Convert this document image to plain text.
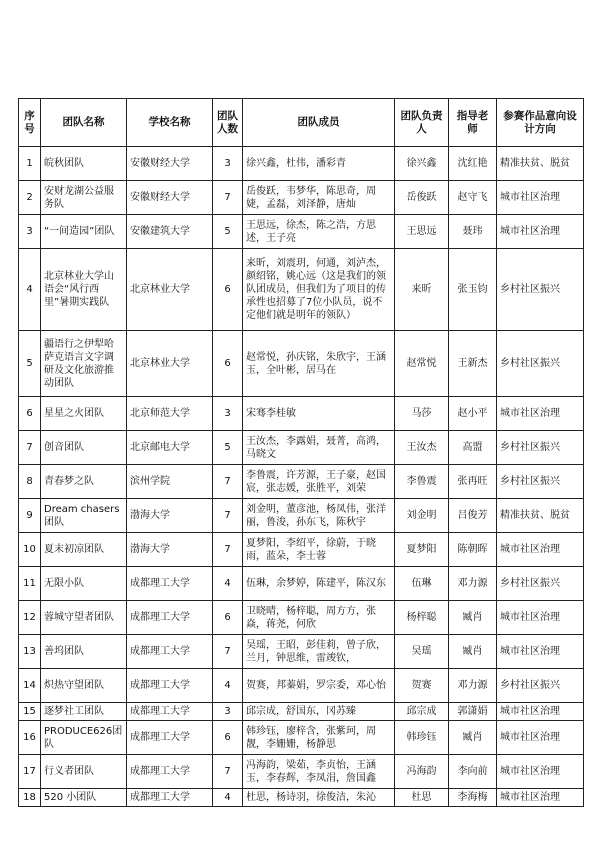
序号	团队名称	学校名称	团队人数	团队成员	团队负责人	指导老师	参赛作品意向设计方向
1	皖秋团队	安徽财经大学	3	徐兴鑫，杜伟，潘彩青	徐兴鑫	沈红艳	精准扶贫、脱贫
2	安财龙湖公益服务队	安徽财经大学	7	岳俊跃，韦梦华，陈思奇，周婕，孟磊，刘泽静，唐灿	岳俊跃	赵守飞	城市社区治理
3	“一间造园”团队	安徽建筑大学	5	王思远，徐杰，陈之浩，方思述，王子亮	王思远	聂玮	城市社区治理
4	北京林业大学山语会“风行西里”暑期实践队	北京林业大学	6	来昕，刘震玥，何通，刘泸杰，颜绍铭，姚心远（这是我们的领队团成员，但我们为了项目的传承性也招募了7位小队员，说不定他们就是明年的领队）	来昕	张玉钧	乡村社区振兴
5	疆语行之伊犁哈萨克语言文字调研及文化旅游推动团队	北京林业大学	6	赵常悦，孙庆铭，朱欣宇，王涵玉，全叶彬，居马在	赵常悦	王新杰	乡村社区振兴
6	星星之火团队	北京师范大学	3	宋骞李桂敏	马莎	赵小平	城市社区治理
7	创音团队	北京邮电大学	5	王汝杰，李露娟，聂菁，高鸿，马晓文	王汝杰	高盟	乡村社区振兴
8	青春梦之队	滨州学院	7	李鲁震，许芳源，王子豪，赵国宸，张志媛，张胜平，刘荣	李鲁震	张再旺	乡村社区振兴
9	Dream chasers团队	渤海大学	7	刘金明，董彦池，杨凤伟，张洋丽，鲁浚，孙东飞，陈秋宇	刘金明	吕俊芳	精准扶贫、脱贫
10	夏末初凉团队	渤海大学	7	夏梦阳，李绍平，徐蔚，于晓雨，蓝朵，李士蓉	夏梦阳	陈朝晖	城市社区治理
11	无限小队	成都理工大学	4	伍琳，余梦婷，陈建平，陈汉东	伍琳	邓力源	乡村社区振兴
12	蓉城守望者团队	成都理工大学	6	卫晓晴，杨梓聪，周方方，张焱，蒋尧，何欣	杨梓聪	臧肖	城市社区治理
13	善坞团队	成都理工大学	7	吴瑶，王昭，彭佳莉，曾子欣，兰月，钟思维，雷竣钦，	吴瑶	臧肖	城市社区治理
14	炽热守望团队	成都理工大学	4	贺赛，邦蓁娟，罗宗委，邓心怡	贺赛	邓力源	乡村社区振兴
15	逐梦社工团队	成都理工大学	3	邱宗成，舒国东，冈苏臻	邱宗成	郭潇娟	城市社区治理
16	PRODUCE626团队	成都理工大学	6	韩珍钰，廖梓含，张紫珂，周靓，李姗姗，杨静思	韩珍钰	臧肖	城市社区治理
17	行义者团队	成都理工大学	7	冯海韵，梁茹，李贞怡，王涵玉，李春辉，李凤涓，詹国鑫	冯海韵	李向前	城市社区治理
18	520 小团队	成都理工大学	4	杜思，杨诗羽，徐俊洁，朱沁	杜思	李海梅	城市社区治理
